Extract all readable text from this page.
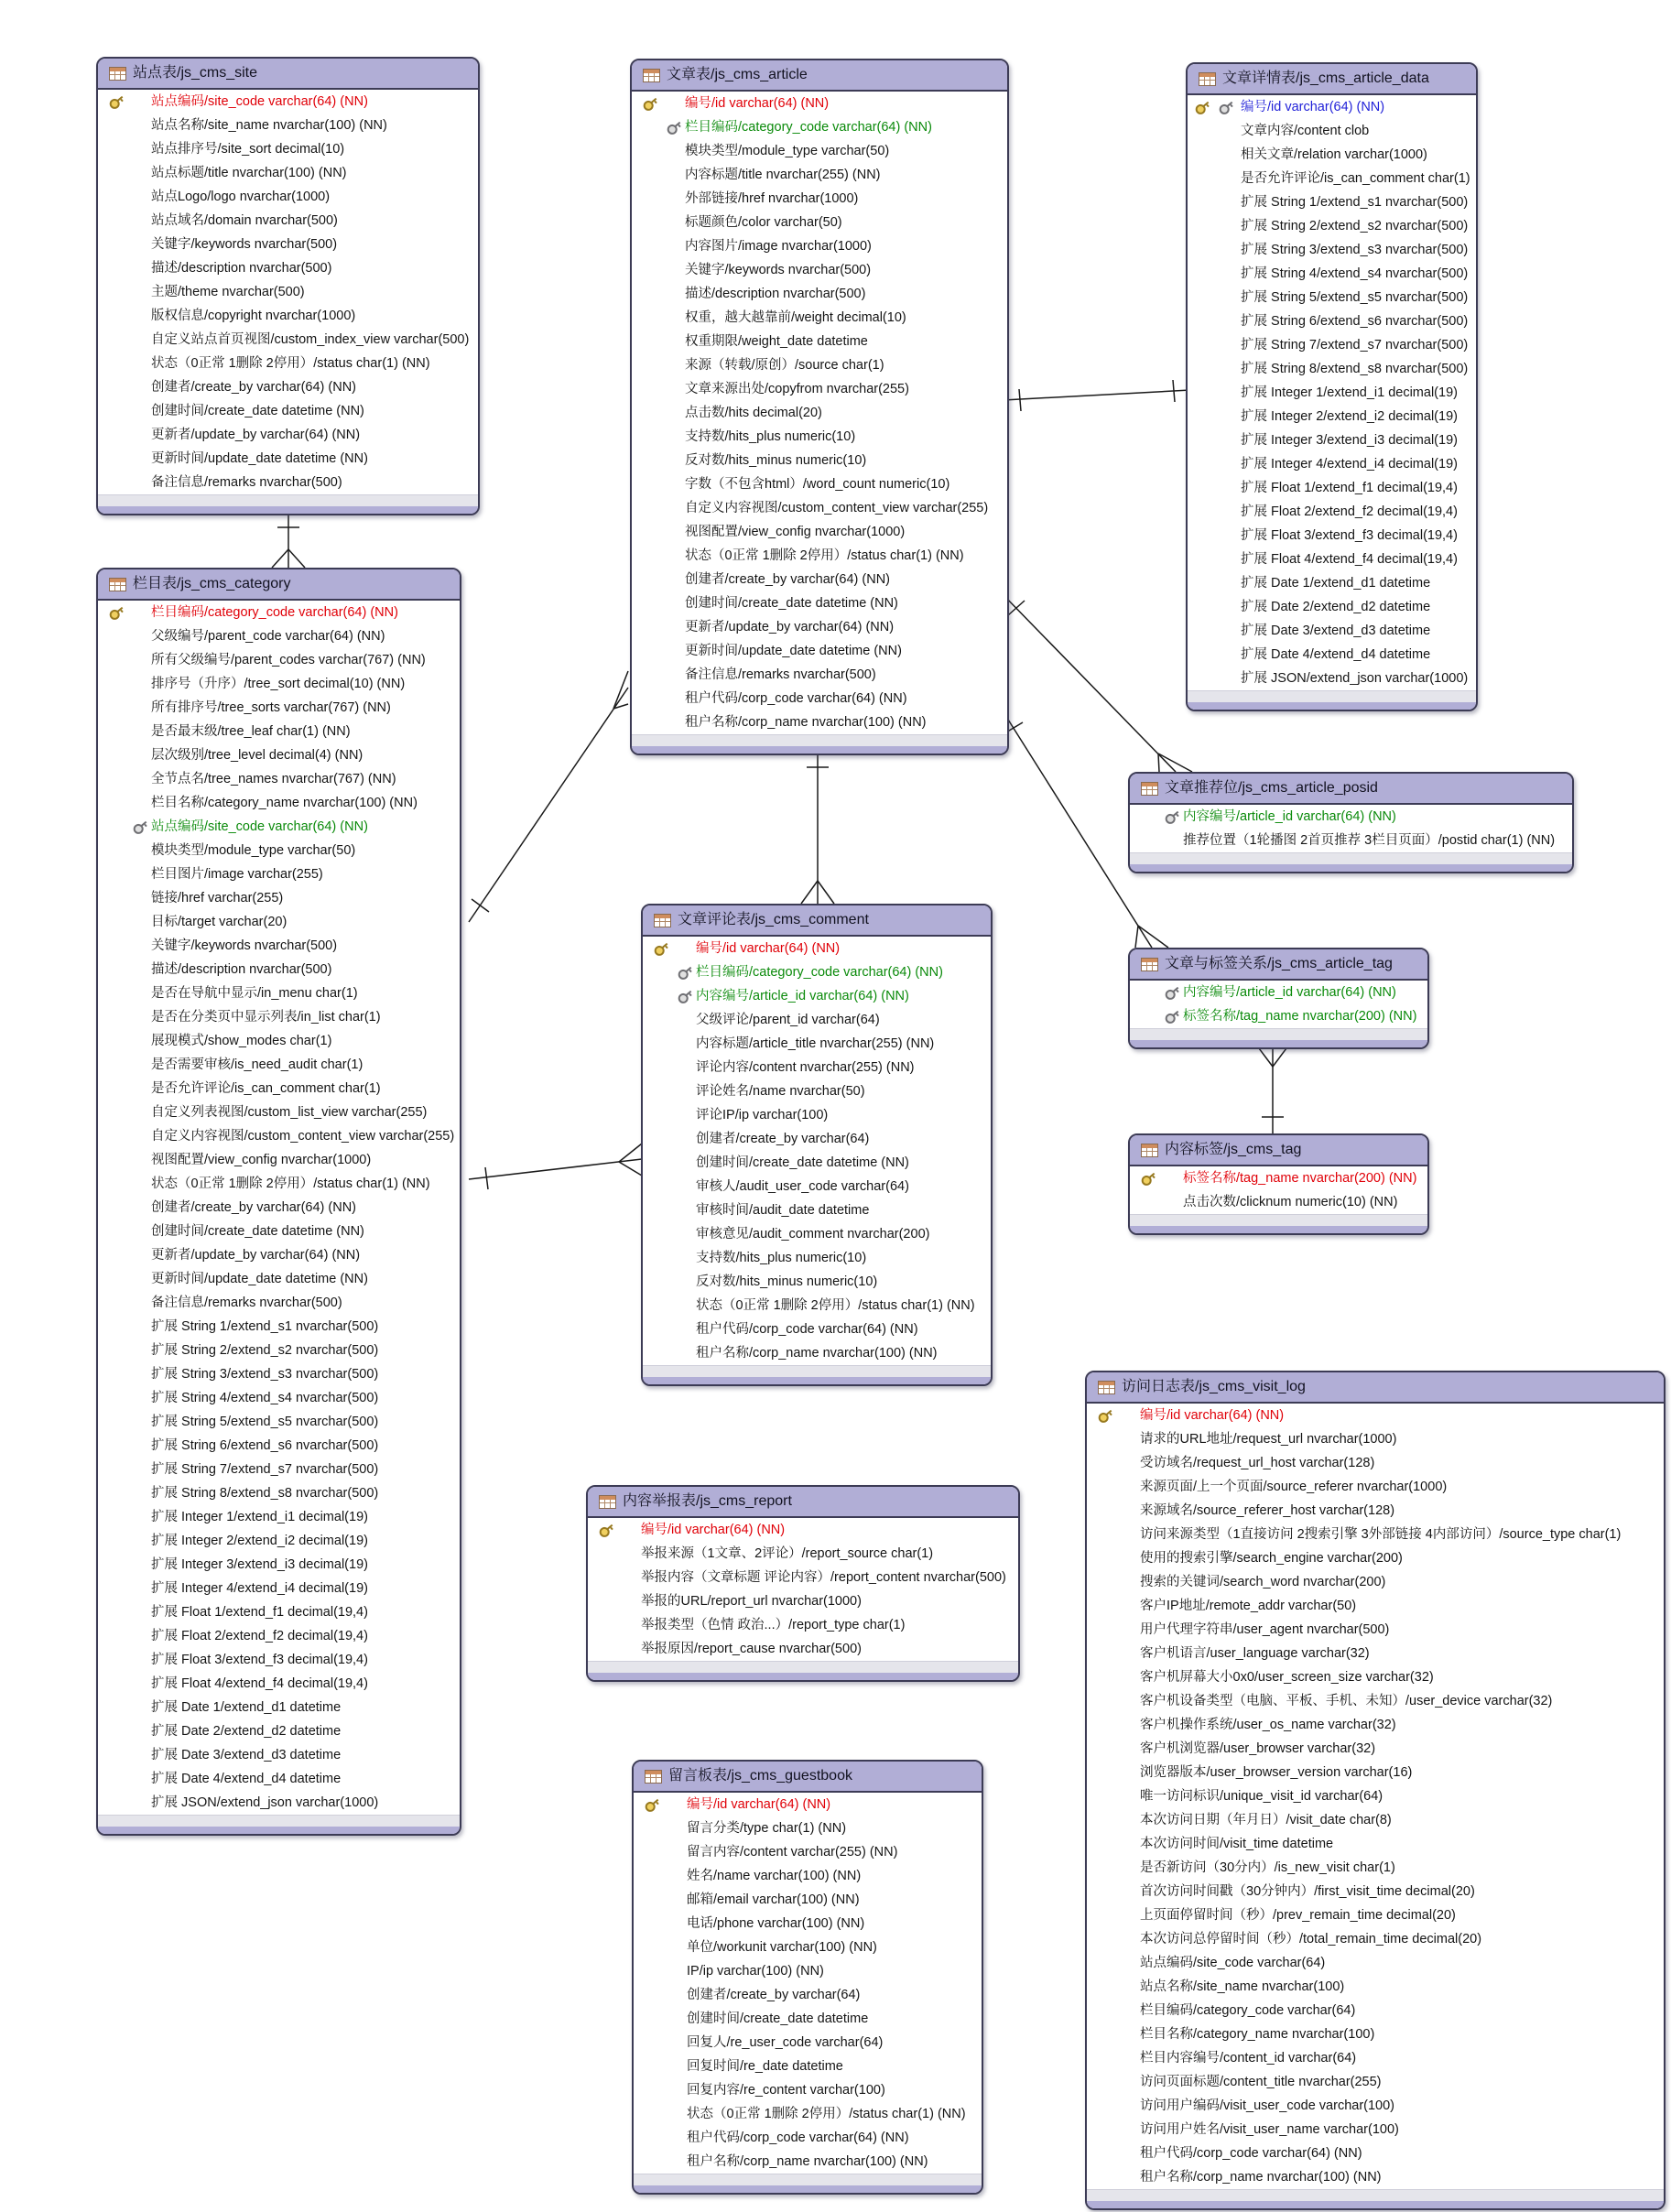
站点表/js_cms_site
站点编码/site_code varchar(64) (NN)
站点名称/site_name nvarchar(100) (NN)
站点排序号/site_sort decimal(10)
站点标题/title nvarchar(100) (NN)
站点Logo/logo nvarchar(1000)
站点域名/domain nvarchar(500)
关键字/keywords nvarchar(500)
描述/description nvarchar(500)
主题/theme nvarchar(500)
版权信息/copyright nvarchar(1000)
自定义站点首页视图/custom_index_view varchar(500)
状态（0正常 1删除 2停用）/status char(1) (NN)
创建者/create_by varchar(64) (NN)
创建时间/create_date datetime (NN)
更新者/update_by varchar(64) (NN)
更新时间/update_date datetime (NN)
备注信息/remarks nvarchar(500)
文章表/js_cms_article
编号/id varchar(64) (NN)
栏目编码/category_code varchar(64) (NN)
模块类型/module_type varchar(50)
内容标题/title nvarchar(255) (NN)
外部链接/href nvarchar(1000)
标题颜色/color varchar(50)
内容图片/image nvarchar(1000)
关键字/keywords nvarchar(500)
描述/description nvarchar(500)
权重，越大越靠前/weight decimal(10)
权重期限/weight_date datetime
来源（转载/原创）/source char(1)
文章来源出处/copyfrom nvarchar(255)
点击数/hits decimal(20)
支持数/hits_plus numeric(10)
反对数/hits_minus numeric(10)
字数（不包含html）/word_count numeric(10)
自定义内容视图/custom_content_view varchar(255)
视图配置/view_config nvarchar(1000)
状态（0正常 1删除 2停用）/status char(1) (NN)
创建者/create_by varchar(64) (NN)
创建时间/create_date datetime (NN)
更新者/update_by varchar(64) (NN)
更新时间/update_date datetime (NN)
备注信息/remarks nvarchar(500)
租户代码/corp_code varchar(64) (NN)
租户名称/corp_name nvarchar(100) (NN)
文章详情表/js_cms_article_data
编号/id varchar(64) (NN)
文章内容/content clob
相关文章/relation varchar(1000)
是否允许评论/is_can_comment char(1)
扩展 String 1/extend_s1 nvarchar(500)
扩展 String 2/extend_s2 nvarchar(500)
扩展 String 3/extend_s3 nvarchar(500)
扩展 String 4/extend_s4 nvarchar(500)
扩展 String 5/extend_s5 nvarchar(500)
扩展 String 6/extend_s6 nvarchar(500)
扩展 String 7/extend_s7 nvarchar(500)
扩展 String 8/extend_s8 nvarchar(500)
扩展 Integer 1/extend_i1 decimal(19)
扩展 Integer 2/extend_i2 decimal(19)
扩展 Integer 3/extend_i3 decimal(19)
扩展 Integer 4/extend_i4 decimal(19)
扩展 Float 1/extend_f1 decimal(19,4)
扩展 Float 2/extend_f2 decimal(19,4)
扩展 Float 3/extend_f3 decimal(19,4)
扩展 Float 4/extend_f4 decimal(19,4)
扩展 Date 1/extend_d1 datetime
扩展 Date 2/extend_d2 datetime
扩展 Date 3/extend_d3 datetime
扩展 Date 4/extend_d4 datetime
扩展 JSON/extend_json varchar(1000)
栏目表/js_cms_category
栏目编码/category_code varchar(64) (NN)
父级编号/parent_code varchar(64) (NN)
所有父级编号/parent_codes varchar(767) (NN)
排序号（升序）/tree_sort decimal(10) (NN)
所有排序号/tree_sorts varchar(767) (NN)
是否最末级/tree_leaf char(1) (NN)
层次级别/tree_level decimal(4) (NN)
全节点名/tree_names nvarchar(767) (NN)
栏目名称/category_name nvarchar(100) (NN)
站点编码/site_code varchar(64) (NN)
模块类型/module_type varchar(50)
栏目图片/image varchar(255)
链接/href varchar(255)
目标/target varchar(20)
关键字/keywords nvarchar(500)
描述/description nvarchar(500)
是否在导航中显示/in_menu char(1)
是否在分类页中显示列表/in_list char(1)
展现模式/show_modes char(1)
是否需要审核/is_need_audit char(1)
是否允许评论/is_can_comment char(1)
自定义列表视图/custom_list_view varchar(255)
自定义内容视图/custom_content_view varchar(255)
视图配置/view_config nvarchar(1000)
状态（0正常 1删除 2停用）/status char(1) (NN)
创建者/create_by varchar(64) (NN)
创建时间/create_date datetime (NN)
更新者/update_by varchar(64) (NN)
更新时间/update_date datetime (NN)
备注信息/remarks nvarchar(500)
扩展 String 1/extend_s1 nvarchar(500)
扩展 String 2/extend_s2 nvarchar(500)
扩展 String 3/extend_s3 nvarchar(500)
扩展 String 4/extend_s4 nvarchar(500)
扩展 String 5/extend_s5 nvarchar(500)
扩展 String 6/extend_s6 nvarchar(500)
扩展 String 7/extend_s7 nvarchar(500)
扩展 String 8/extend_s8 nvarchar(500)
扩展 Integer 1/extend_i1 decimal(19)
扩展 Integer 2/extend_i2 decimal(19)
扩展 Integer 3/extend_i3 decimal(19)
扩展 Integer 4/extend_i4 decimal(19)
扩展 Float 1/extend_f1 decimal(19,4)
扩展 Float 2/extend_f2 decimal(19,4)
扩展 Float 3/extend_f3 decimal(19,4)
扩展 Float 4/extend_f4 decimal(19,4)
扩展 Date 1/extend_d1 datetime
扩展 Date 2/extend_d2 datetime
扩展 Date 3/extend_d3 datetime
扩展 Date 4/extend_d4 datetime
扩展 JSON/extend_json varchar(1000)
文章推荐位/js_cms_article_posid
内容编号/article_id varchar(64) (NN)
推荐位置（1轮播图 2首页推荐 3栏目页面）/postid char(1) (NN)
文章与标签关系/js_cms_article_tag
内容编号/article_id varchar(64) (NN)
标签名称/tag_name nvarchar(200) (NN)
内容标签/js_cms_tag
标签名称/tag_name nvarchar(200) (NN)
点击次数/clicknum numeric(10) (NN)
文章评论表/js_cms_comment
编号/id varchar(64) (NN)
栏目编码/category_code varchar(64) (NN)
内容编号/article_id varchar(64) (NN)
父级评论/parent_id varchar(64)
内容标题/article_title nvarchar(255) (NN)
评论内容/content nvarchar(255) (NN)
评论姓名/name nvarchar(50)
评论IP/ip varchar(100)
创建者/create_by varchar(64)
创建时间/create_date datetime (NN)
审核人/audit_user_code varchar(64)
审核时间/audit_date datetime
审核意见/audit_comment nvarchar(200)
支持数/hits_plus numeric(10)
反对数/hits_minus numeric(10)
状态（0正常 1删除 2停用）/status char(1) (NN)
租户代码/corp_code varchar(64) (NN)
租户名称/corp_name nvarchar(100) (NN)
内容举报表/js_cms_report
编号/id varchar(64) (NN)
举报来源（1文章、2评论）/report_source char(1)
举报内容（文章标题 评论内容）/report_content nvarchar(500)
举报的URL/report_url nvarchar(1000)
举报类型（色情 政治...）/report_type char(1)
举报原因/report_cause nvarchar(500)
留言板表/js_cms_guestbook
编号/id varchar(64) (NN)
留言分类/type char(1) (NN)
留言内容/content varchar(255) (NN)
姓名/name varchar(100) (NN)
邮箱/email varchar(100) (NN)
电话/phone varchar(100) (NN)
单位/workunit varchar(100) (NN)
IP/ip varchar(100) (NN)
创建者/create_by varchar(64)
创建时间/create_date datetime
回复人/re_user_code varchar(64)
回复时间/re_date datetime
回复内容/re_content varchar(100)
状态（0正常 1删除 2停用）/status char(1) (NN)
租户代码/corp_code varchar(64) (NN)
租户名称/corp_name nvarchar(100) (NN)
访问日志表/js_cms_visit_log
编号/id varchar(64) (NN)
请求的URL地址/request_url nvarchar(1000)
受访域名/request_url_host varchar(128)
来源页面/上一个页面/source_referer nvarchar(1000)
来源域名/source_referer_host varchar(128)
访问来源类型（1直接访问 2搜索引擎 3外部链接 4内部访问）/source_type char(1)
使用的搜索引擎/search_engine varchar(200)
搜索的关键词/search_word nvarchar(200)
客户IP地址/remote_addr varchar(50)
用户代理字符串/user_agent nvarchar(500)
客户机语言/user_language varchar(32)
客户机屏幕大小0x0/user_screen_size varchar(32)
客户机设备类型（电脑、平板、手机、未知）/user_device varchar(32)
客户机操作系统/user_os_name varchar(32)
客户机浏览器/user_browser varchar(32)
浏览器版本/user_browser_version varchar(16)
唯一访问标识/unique_visit_id varchar(64)
本次访问日期（年月日）/visit_date char(8)
本次访问时间/visit_time datetime
是否新访问（30分内）/is_new_visit char(1)
首次访问时间戳（30分钟内）/first_visit_time decimal(20)
上页面停留时间（秒）/prev_remain_time decimal(20)
本次访问总停留时间（秒）/total_remain_time decimal(20)
站点编码/site_code varchar(64)
站点名称/site_name nvarchar(100)
栏目编码/category_code varchar(64)
栏目名称/category_name nvarchar(100)
栏目内容编号/content_id varchar(64)
访问页面标题/content_title nvarchar(255)
访问用户编码/visit_user_code varchar(100)
访问用户姓名/visit_user_name varchar(100)
租户代码/corp_code varchar(64) (NN)
租户名称/corp_name nvarchar(100) (NN)
